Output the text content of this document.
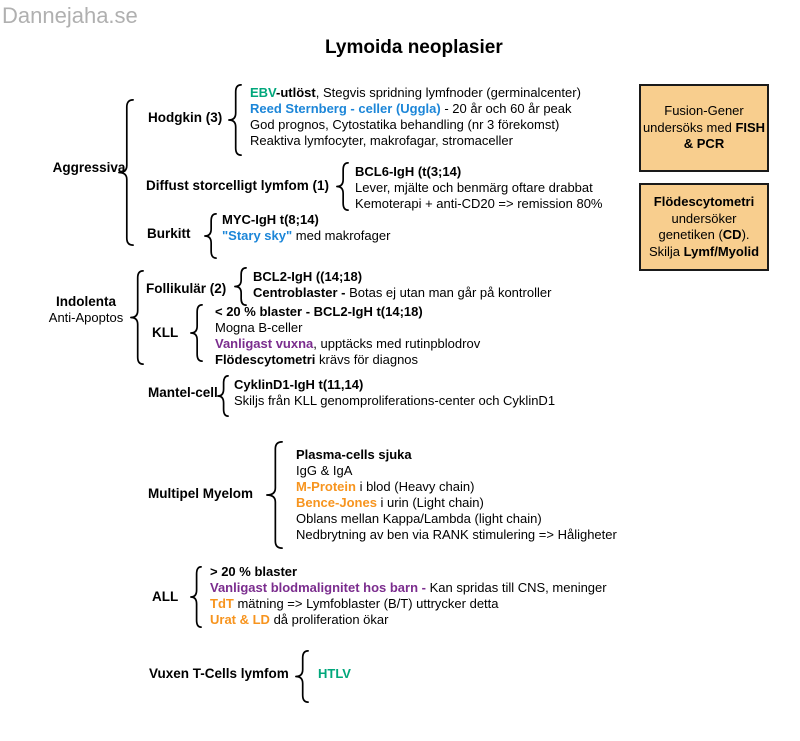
Dannejaha.se
Lymoida neoplasier
Aggressiva
Hodgkin (3)
EBV-utlöst, Stegvis spridning lymfnoder (germinalcenter)
Reed Sternberg - celler (Uggla) - 20 år och 60 år peak
God prognos, Cytostatika behandling (nr 3 förekomst)
Reaktiva lymfocyter, makrofagar, stromaceller
Diffust storcelligt lymfom (1)
BCL6-IgH (t(3;14)
Lever, mjälte och benmärg oftare drabbat
Kemoterapi + anti-CD20 => remission 80%
Burkitt
MYC-IgH t(8;14)
"Stary sky" med makrofager
Indolenta
Anti-Apoptos
Follikulär (2)
BCL2-IgH ((14;18)
Centroblaster - Botas ej utan man går på kontroller
KLL
< 20 % blaster - BCL2-IgH t(14;18)
Mogna B-celler
Vanligast vuxna, upptäcks med rutinpblodrov
Flödescytometri krävs för diagnos
Mantel-cell
CyklinD1-IgH t(11,14)
Skiljs från KLL genomproliferations-center och CyklinD1
Multipel Myelom
Plasma-cells sjuka
IgG & IgA
M-Protein i blod (Heavy chain)
Bence-Jones i urin (Light chain)
Oblans mellan Kappa/Lambda (light chain)
Nedbrytning av ben via RANK stimulering => Håligheter
ALL
> 20 % blaster
Vanligast blodmalignitet hos barn - Kan spridas till CNS, meninger
TdT mätning => Lymfoblaster (B/T) uttrycker detta
Urat & LD då proliferation ökar
Vuxen T-Cells lymfom HTLV
Fusion-Gener
undersöks med FISH
& PCR
Flödescytometri
undersöker
genetiken (CD).
Skilja Lymf/Myolid
